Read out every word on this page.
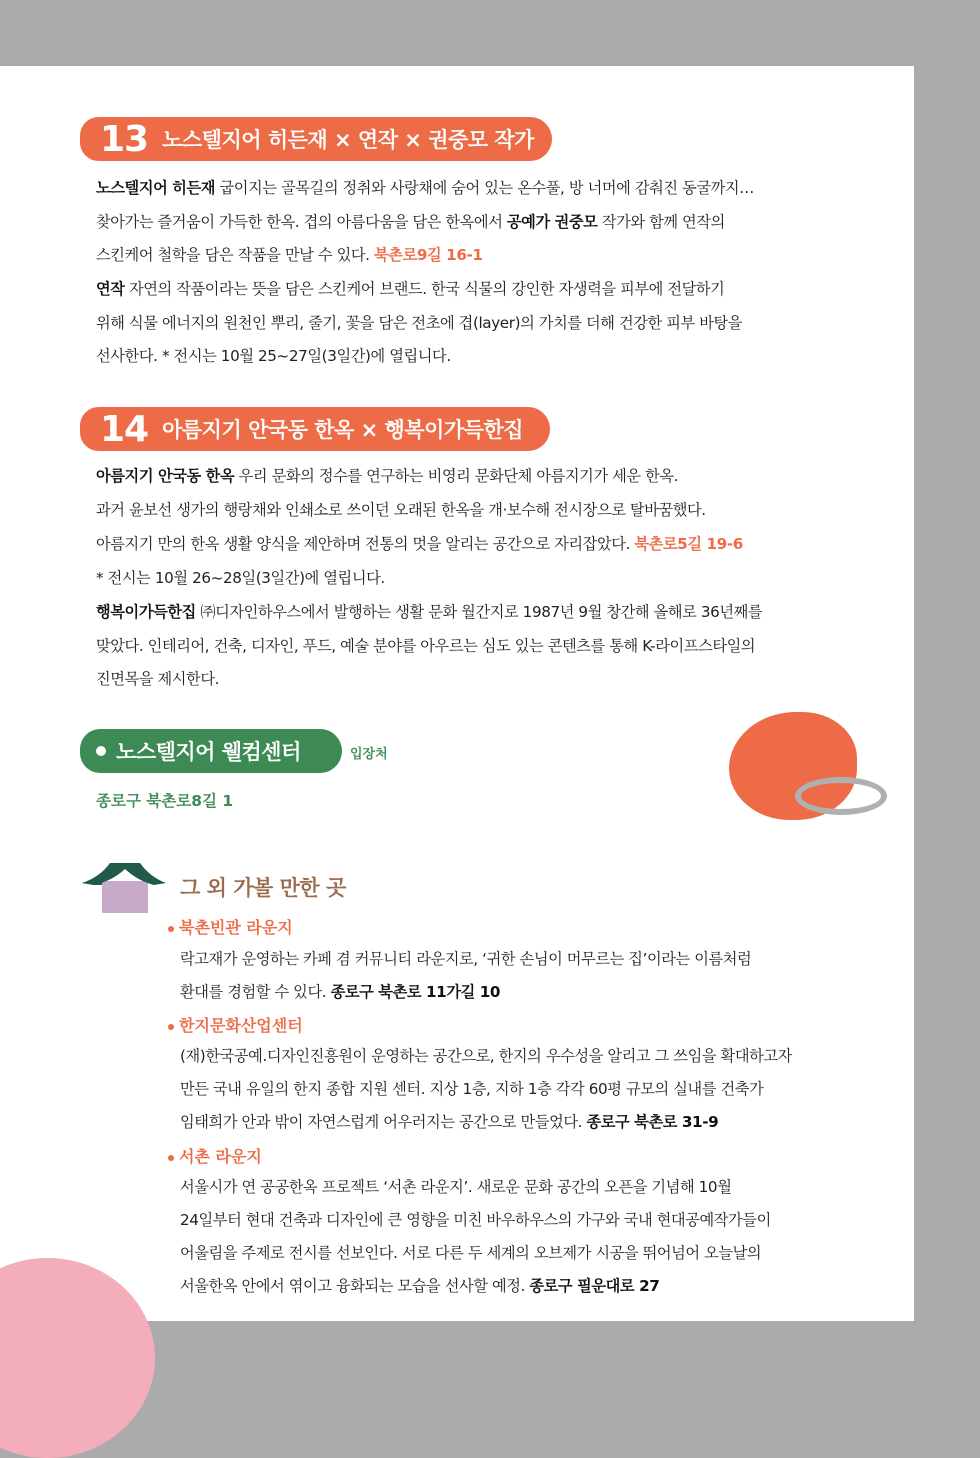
13 노스텔지어 히든재 × 연작 × 권중모 작가
노스텔지어 히든재 굽이지는 골목길의 정취와 사랑채에 숨어 있는 온수풀, 방 너머에 감춰진 동굴까지…
찾아가는 즐거움이 가득한 한옥. 겹의 아름다움을 담은 한옥에서 공예가 권중모 작가와 함께 연작의
스킨케어 철학을 담은 작품을 만날 수 있다. 북촌로9길 16-1
연작 자연의 작품이라는 뜻을 담은 스킨케어 브랜드. 한국 식물의 강인한 자생력을 피부에 전달하기
위해 식물 에너지의 원천인 뿌리, 줄기, 꽃을 담은 전초에 겹(layer)의 가치를 더해 건강한 피부 바탕을
선사한다. * 전시는 10월 25~27일(3일간)에 열립니다.
14 아름지기 안국동 한옥 × 행복이가득한집
아름지기 안국동 한옥 우리 문화의 정수를 연구하는 비영리 문화단체 아름지기가 세운 한옥.
과거 윤보선 생가의 행랑채와 인쇄소로 쓰이던 오래된 한옥을 개·보수해 전시장으로 탈바꿈했다.
아름지기 만의 한옥 생활 양식을 제안하며 전통의 멋을 알리는 공간으로 자리잡았다. 북촌로5길 19-6
* 전시는 10월 26~28일(3일간)에 열립니다.
행복이가득한집 ㈜디자인하우스에서 발행하는 생활 문화 월간지로 1987년 9월 창간해 올해로 36년째를
맞았다. 인테리어, 건축, 디자인, 푸드, 예술 분야를 아우르는 심도 있는 콘텐츠를 통해 K-라이프스타일의
진면목을 제시한다.
노스텔지어 웰컴센터	입장처
종로구 북촌로8길 1
그 외 가볼 만한 곳
북촌빈관 라운지
락고재가 운영하는 카페 겸 커뮤니티 라운지로, ‘귀한 손님이 머무르는 집’이라는 이름처럼
환대를 경험할 수 있다. 종로구 북촌로 11가길 10
한지문화산업센터
(재)한국공예.디자인진흥원이 운영하는 공간으로, 한지의 우수성을 알리고 그 쓰임을 확대하고자
만든 국내 유일의 한지 종합 지원 센터. 지상 1층, 지하 1층 각각 60평 규모의 실내를 건축가
임태희가 안과 밖이 자연스럽게 어우러지는 공간으로 만들었다. 종로구 북촌로 31-9
서촌 라운지
서울시가 연 공공한옥 프로젝트 ‘서촌 라운지’. 새로운 문화 공간의 오픈을 기념해 10월
24일부터 현대 건축과 디자인에 큰 영향을 미친 바우하우스의 가구와 국내 현대공예작가들이
어울림을 주제로 전시를 선보인다. 서로 다른 두 세계의 오브제가 시공을 뛰어넘어 오늘날의
서울한옥 안에서 엮이고 융화되는 모습을 선사할 예정. 종로구 필운대로 27
